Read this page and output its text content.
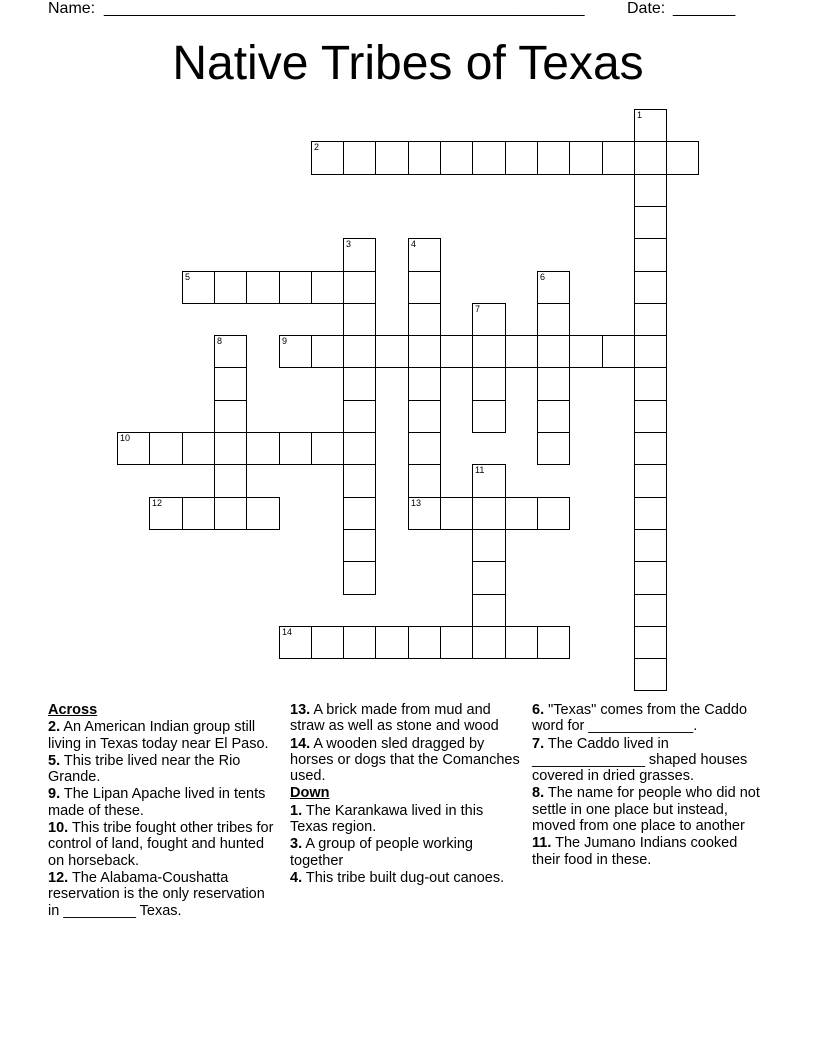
Name: ______________________________________________________	Date: _______
Native Tribes of Texas
1
2
3	4
5	6
7
8	9
10
11
12	13
14
Across
2. An American Indian group still living in Texas today near El Paso.
5. This tribe lived near the Rio Grande.
9. The Lipan Apache lived in tents made of these.
10. This tribe fought other tribes for control of land, fought and hunted on horseback.
12. The Alabama-Coushatta reservation is the only reservation in _________ Texas.
13. A brick made from mud and straw as well as stone and wood
14. A wooden sled dragged by horses or dogs that the Comanches used.
Down
1. The Karankawa lived in this Texas region.
3. A group of people working together
4. This tribe built dug-out canoes.
6. "Texas" comes from the Caddo word for _____________.
7. The Caddo lived in ______________ shaped houses covered in dried grasses.
8. The name for people who did not settle in one place but instead, moved from one place to another
11. The Jumano Indians cooked their food in these.
